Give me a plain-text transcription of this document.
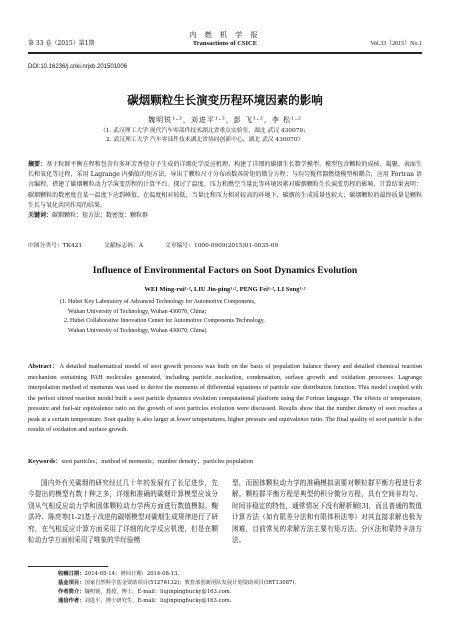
第 33 卷（2015）第1期
内 燃 机 学 报
Transactions of CSICE	Vol.33（2015）No.1
DOI:10.16236/j.cnki.nrjxb.201501006
碳烟颗粒生长演变历程环境因素的影响
魏明锐¹·²，刘进平¹·²，彭 飞¹·²，李 松¹·²
（1. 武汉理工大学 现代汽车零部件技术湖北省重点实验室，湖北 武汉 430070；
2. 武汉理工大学 汽车零部件技术湖北省协同创新中心，湖北 武汉 430070）
摘要：基于粒群平衡方程和包含有多环芳香烃分子生成的详细化学反应机理，构建了详细的碳烟生长数学模型。模型包含颗粒的成核、凝聚、表面生长和氧化等过程，采用 Lagrange 内插值的矩方法，导出了颗粒尺寸分布函数各阶矩的微分方程；与均匀搅拌器燃烧模型相耦合，应用 Fortran 语言编程，搭建了碳烟颗粒动力学演变历程的计算平台。探讨了温度、压力和燃空当量比等环境因素对碳烟颗粒生长演变历程的影响，计算结果表明：碳烟颗粒的数密度在某一温度下达到峰值，在温度相对较低、当量比和压力相对较高的环境下，碳烟的生成质量也较大；碳烟颗粒的最终质量是颗粒生长与氧化共同作用的结果。
关键词：碳烟颗粒；矩方法；数密度；颗粒群
中图分类号：TK421	文献标志码：A	文章编号：1000-0909(2015)01-0035-09
Influence of Environmental Factors on Soot Dynamics Evolution
WEI Ming-rui¹·², LIU Jin-ping¹·², PENG Fei¹·², LI Song¹·²
(1. Hubei Key Laboratory of Advanced Technology for Automotive Components,
Wuhan University of Technology, Wuhan 430070, China;
2. Hubei Collaborative Innovation Center for Automotive Components Technology,
Wuhan University of Technology, Wuhan 430070, China)
Abstract：A detailed mathematical model of soot growth process was built on the basis of population balance theory and detailed chemical reaction mechanism containing PAH molecules generated, including particle nucleation, condensation, surface growth and oxidation processes. Lagrange interpolation method of moments was used to derive the moments of differential equations of particle size distribution function. This model coupled with the perfect stirred reaction model built a soot particle dynamics evolution computational platform using the Fortran language. The effects of temperature, pressure and fuel-air equivalence ratio on the growth of soot particles evolution were discussed. Results show that the number density of soot reaches a peak at a certain temperature. Soot quality is also larger at lower temperatures, higher pressure and equivalence ratio. The final quality of soot particle is the results of oxidation and surface growth.
Keywords：soot particles；method of moments；number density；particles population
国内外有关碳烟的研究经过几十年的发展有了长足进步，先今提出的模型有数十种之多，详细和准确的碳烟计算模型应该分别从气相反应动力学和固体颗粒动力学两方面进行数值模拟。鞠洪玲、陈亮等[1-2]基于改进的碳烟模型对碳烟生成规律进行了研究，在气相反应计算方面采用了详细的化学反应机理，但是在颗粒动力学方面则采用了唯象的半经验模
型，而固体颗粒动力学的准确模拟需要对颗粒群平衡方程进行求解。颗粒群平衡方程是典型的积分微分方程，具有空间非均匀、时间非稳定的特性，通常情况下没有解析解[3]，而且普通的数值计算方法（如有限差分法和有限体积法等）对其直接求解也极为困难，目前常见的求解方法主要有矩方法、分区法和蒙特卡洛方法。
收稿日期：2014-05-14；修回日期：2014-08-13.
基金项目：国家自然科学基金资助项目(51276132)；教育部创新团队发展计划资助项目(IRT13087).
作者简介：魏明锐，教授，博士，E-mail：liujinpinghucky@163.com.
通信作者：刘进平，博士研究生，E-mail：liujinpinghucky@163.com.
